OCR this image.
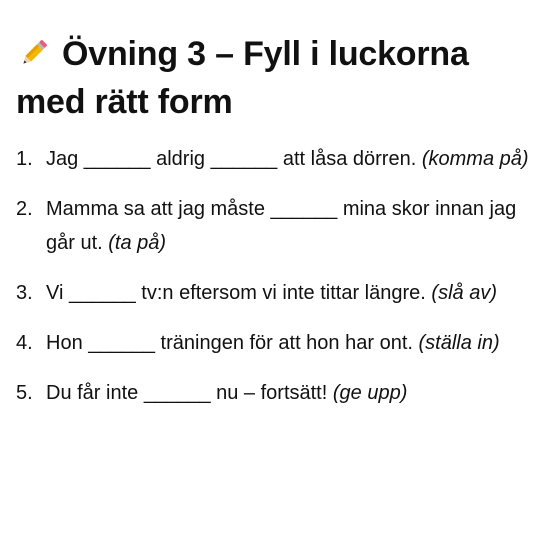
Övning 3 – Fyll i luckorna med rätt form
1. Jag ______ aldrig ______ att låsa dörren. (komma på)
2. Mamma sa att jag måste ______ mina skor innan jag går ut. (ta på)
3. Vi ______ tv:n eftersom vi inte tittar längre. (slå av)
4. Hon ______ träningen för att hon har ont. (ställa in)
5. Du får inte ______ nu – fortsätt! (ge upp)
